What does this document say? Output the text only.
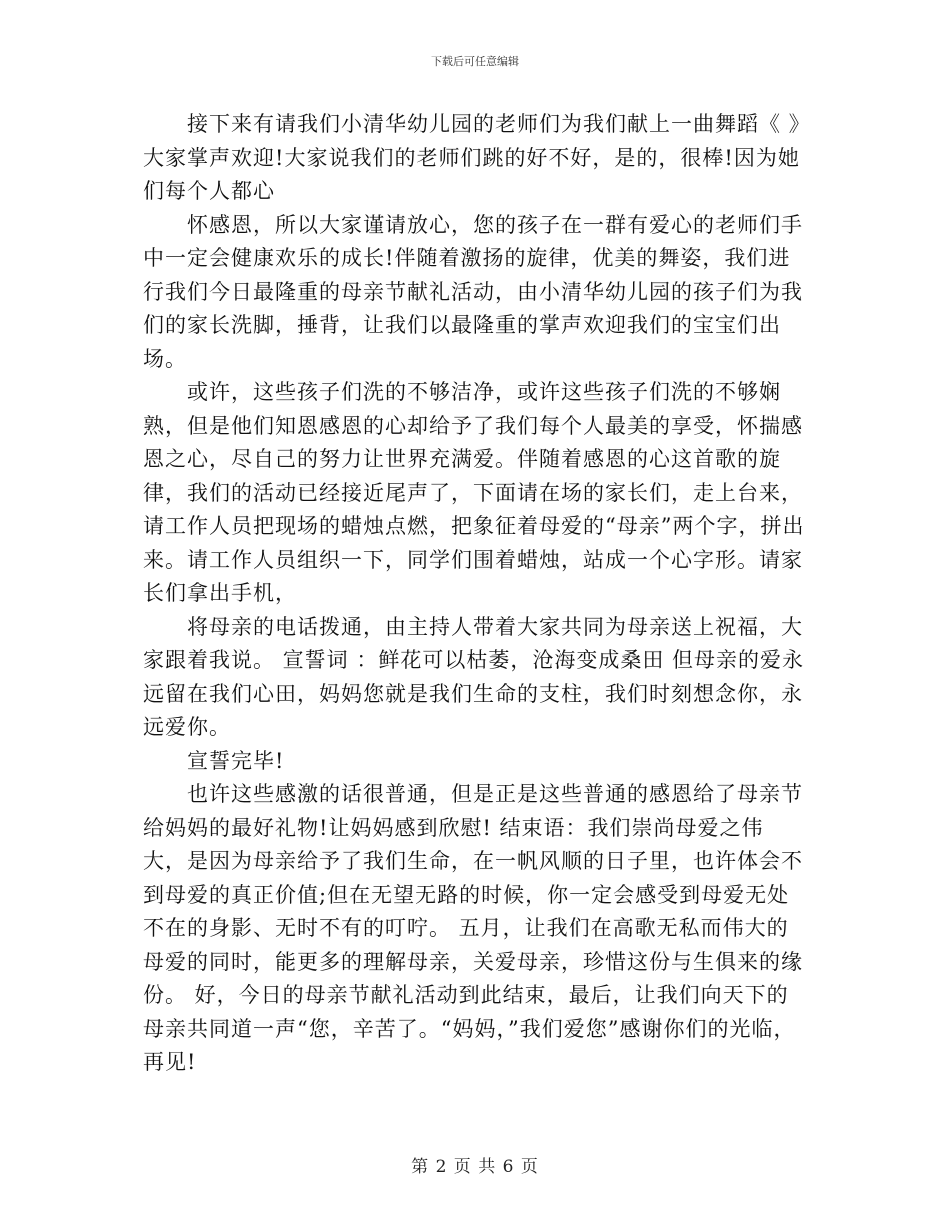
下载后可任意编辑

接下来有请我们小清华幼儿园的老师们为我们献上一曲舞蹈《 》大家掌声欢迎!大家说我们的老师们跳的好不好，是的，很棒!因为她们每个人都心

怀感恩，所以大家谨请放心，您的孩子在一群有爱心的老师们手中一定会健康欢乐的成长!伴随着激扬的旋律，优美的舞姿，我们进行我们今日最隆重的母亲节献礼活动，由小清华幼儿园的孩子们为我们的家长洗脚，捶背，让我们以最隆重的掌声欢迎我们的宝宝们出场。

或许，这些孩子们洗的不够洁净，或许这些孩子们洗的不够娴熟，但是他们知恩感恩的心却给予了我们每个人最美的享受，怀揣感恩之心，尽自己的努力让世界充满爱。伴随着感恩的心这首歌的旋律，我们的活动已经接近尾声了，下面请在场的家长们，走上台来，请工作人员把现场的蜡烛点燃，把象征着母爱的“母亲”两个字，拼出来。请工作人员组织一下，同学们围着蜡烛，站成一个心字形。请家长们拿出手机，

将母亲的电话拨通，由主持人带着大家共同为母亲送上祝福，大家跟着我说。 宣誓词 ：鲜花可以枯萎，沧海变成桑田 但母亲的爱永远留在我们心田，妈妈您就是我们生命的支柱，我们时刻想念你，永远爱你。

宣誓完毕!

也许这些感激的话很普通，但是正是这些普通的感恩给了母亲节给妈妈的最好礼物!让妈妈感到欣慰! 结束语：我们崇尚母爱之伟大，是因为母亲给予了我们生命，在一帆风顺的日子里，也许体会不到母爱的真正价值;但在无望无路的时候，你一定会感受到母爱无处不在的身影、无时不有的叮咛。 五月，让我们在高歌无私而伟大的母爱的同时，能更多的理解母亲，关爱母亲，珍惜这份与生俱来的缘份。 好，今日的母亲节献礼活动到此结束，最后，让我们向天下的母亲共同道一声“您，辛苦了。“妈妈，”我们爱您”感谢你们的光临，再见!

第 2 页 共 6 页
